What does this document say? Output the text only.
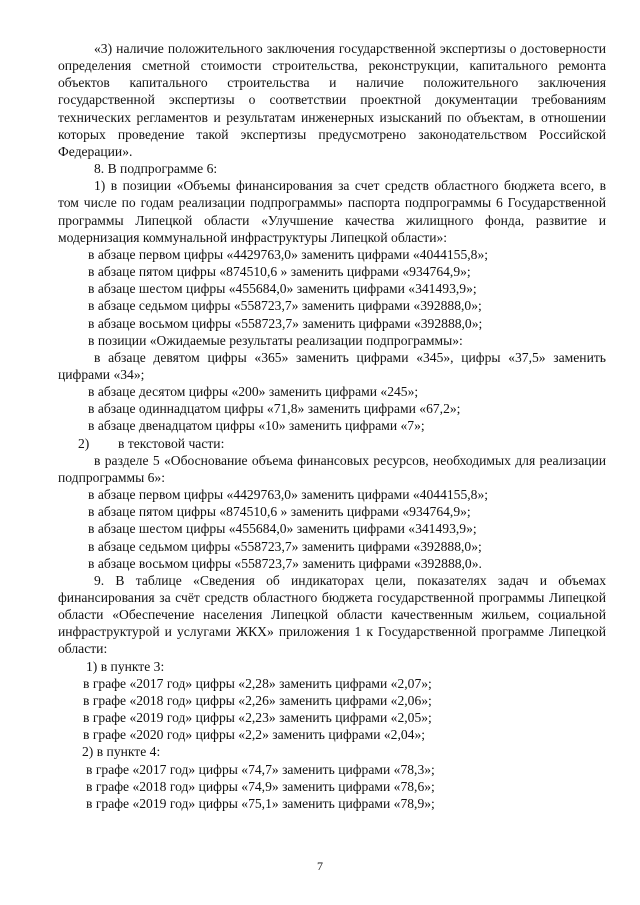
«3) наличие положительного заключения государственной экспертизы о достоверности определения сметной стоимости строительства, реконструкции, капитального ремонта объектов капитального строительства и наличие положительного заключения государственной экспертизы о соответствии проектной документации требованиям технических регламентов и результатам инженерных изысканий по объектам, в отношении которых проведение такой экспертизы предусмотрено законодательством Российской Федерации».

8. В подпрограмме 6:

1) в позиции «Объемы финансирования за счет средств областного бюджета всего, в том числе по годам реализации подпрограммы» паспорта подпрограммы 6 Государственной программы Липецкой области «Улучшение качества жилищного фонда, развитие и модернизация коммунальной инфраструктуры Липецкой области»:

в абзаце первом цифры «4429763,0» заменить цифрами «4044155,8»;

в абзаце пятом цифры «874510,6 » заменить цифрами «934764,9»;

в абзаце шестом цифры «455684,0» заменить цифрами «341493,9»;

в абзаце седьмом цифры «558723,7» заменить цифрами «392888,0»;

в абзаце восьмом цифры «558723,7» заменить цифрами «392888,0»;

в позиции «Ожидаемые результаты реализации подпрограммы»:

в абзаце девятом цифры «365» заменить цифрами «345», цифры «37,5» заменить цифрами «34»;

в абзаце десятом цифры «200» заменить цифрами «245»;

в абзаце одиннадцатом цифры «71,8» заменить цифрами «67,2»;

в абзаце двенадцатом цифры «10» заменить цифрами «7»;

2) в текстовой части:

в разделе 5 «Обоснование объема финансовых ресурсов, необходимых для реализации подпрограммы 6»:

в абзаце первом цифры «4429763,0» заменить цифрами «4044155,8»;

в абзаце пятом цифры «874510,6 » заменить цифрами «934764,9»;

в абзаце шестом цифры «455684,0» заменить цифрами «341493,9»;

в абзаце седьмом цифры «558723,7» заменить цифрами «392888,0»;

в абзаце восьмом цифры «558723,7» заменить цифрами «392888,0».

9. В таблице «Сведения об индикаторах цели, показателях задач и объемах финансирования за счёт средств областного бюджета государственной программы Липецкой области «Обеспечение населения Липецкой области качественным жильем, социальной инфраструктурой и услугами ЖКХ» приложения 1 к Государственной программе Липецкой области:

1) в пункте 3:

в графе «2017 год» цифры «2,28» заменить цифрами «2,07»;

в графе «2018 год» цифры «2,26» заменить цифрами «2,06»;

в графе «2019 год» цифры «2,23» заменить цифрами «2,05»;

в графе «2020 год» цифры «2,2» заменить цифрами «2,04»;

2) в пункте 4:

в графе «2017 год» цифры «74,7» заменить цифрами «78,3»;

в графе «2018 год» цифры «74,9» заменить цифрами «78,6»;

в графе «2019 год» цифры «75,1» заменить цифрами «78,9»;

7
